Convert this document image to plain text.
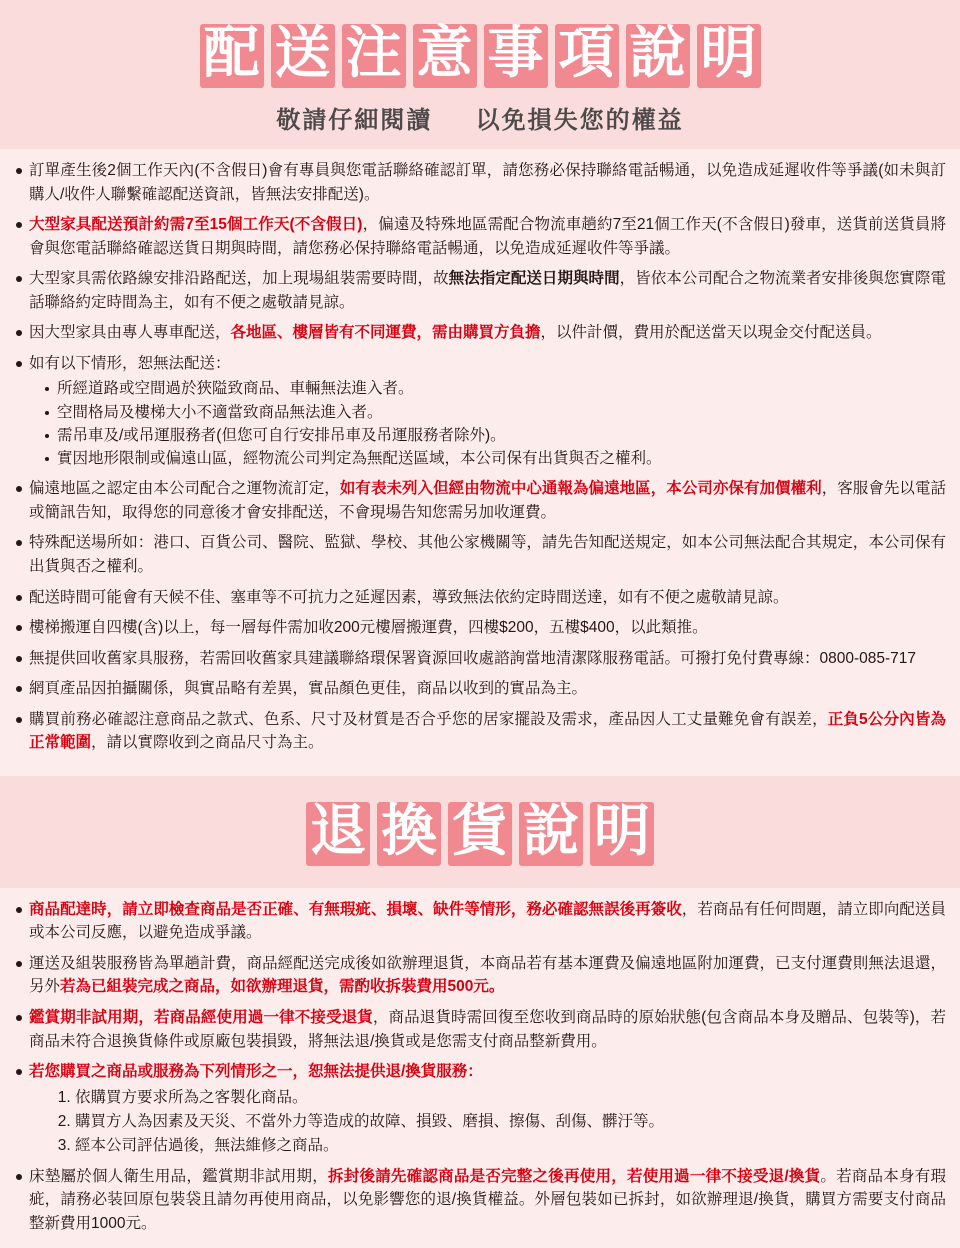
配 送 注 意 事 項 說 明
敬請仔細閱讀 以免損失您的權益
訂單產生後2個工作天內(不含假日)會有專員與您電話聯絡確認訂單，請您務必保持聯絡電話暢通，以免造成延遲收件等爭議(如未與訂購人/收件人聯繫確認配送資訊，皆無法安排配送)。
大型家具配送預計約需7至15個工作天(不含假日)，偏遠及特殊地區需配合物流車趟約7至21個工作天(不含假日)發車，送貨前送貨員將會與您電話聯絡確認送貨日期與時間，請您務必保持聯絡電話暢通，以免造成延遲收件等爭議。
大型家具需依路線安排沿路配送，加上現場組裝需要時間，故無法指定配送日期與時間，皆依本公司配合之物流業者安排後與您實際電話聯絡約定時間為主，如有不便之處敬請見諒。
因大型家具由專人專車配送，各地區、樓層皆有不同運費，需由購買方負擔，以件計價，費用於配送當天以現金交付配送員。
如有以下情形，恕無法配送：
所經道路或空間過於狹隘致商品、車輛無法進入者。
空間格局及樓梯大小不適當致商品無法進入者。
需吊車及/或吊運服務者(但您可自行安排吊車及吊運服務者除外)。
實因地形限制或偏遠山區，經物流公司判定為無配送區域，本公司保有出貨與否之權利。
偏遠地區之認定由本公司配合之運物流訂定，如有表未列入但經由物流中心通報為偏遠地區，本公司亦保有加價權利，客服會先以電話或簡訊告知，取得您的同意後才會安排配送，不會現場告知您需另加收運費。
特殊配送場所如：港口、百貨公司、醫院、監獄、學校、其他公家機關等，請先告知配送規定，如本公司無法配合其規定，本公司保有出貨與否之權利。
配送時間可能會有天候不佳、塞車等不可抗力之延遲因素，導致無法依約定時間送達，如有不便之處敬請見諒。
樓梯搬運自四樓(含)以上，每一層每件需加收200元樓層搬運費，四樓$200，五樓$400，以此類推。
無提供回收舊家具服務，若需回收舊家具建議聯絡環保署資源回收處諮詢當地清潔隊服務電話。可撥打免付費專線：0800-085-717
網頁產品因拍攝關係，與實品略有差異，實品顏色更佳，商品以收到的實品為主。
購買前務必確認注意商品之款式、色系、尺寸及材質是否合乎您的居家擺設及需求，產品因人工丈量難免會有誤差，正負5公分內皆為正常範圍，請以實際收到之商品尺寸為主。
退 換 貨 說 明
商品配達時，請立即檢查商品是否正確、有無瑕疵、損壞、缺件等情形，務必確認無誤後再簽收，若商品有任何問題，請立即向配送員或本公司反應，以避免造成爭議。
運送及組裝服務皆為單趟計費，商品經配送完成後如欲辦理退貨，本商品若有基本運費及偏遠地區附加運費，已支付運費則無法退還，另外若為已組裝完成之商品，如欲辦理退貨，需酌收拆裝費用500元。
鑑賞期非試用期，若商品經使用過一律不接受退貨，商品退貨時需回復至您收到商品時的原始狀態(包含商品本身及贈品、包裝等)，若商品未符合退換貨條件或原廠包裝損毀，將無法退/換貨或是您需支付商品整新費用。
若您購買之商品或服務為下列情形之一，恕無法提供退/換貨服務：
1. 依購買方要求所為之客製化商品。
2. 購買方人為因素及天災、不當外力等造成的故障、損毀、磨損、擦傷、刮傷、髒汙等。
3. 經本公司評估過後，無法維修之商品。
床墊屬於個人衛生用品，鑑賞期非試用期，拆封後請先確認商品是否完整之後再使用，若使用過一律不接受退/換貨。若商品本身有瑕疵，請務必装回原包裝袋且請勿再使用商品，以免影響您的退/換貨權益。外層包裝如已拆封，如欲辦理退/換貨，購買方需要支付商品整新費用1000元。
